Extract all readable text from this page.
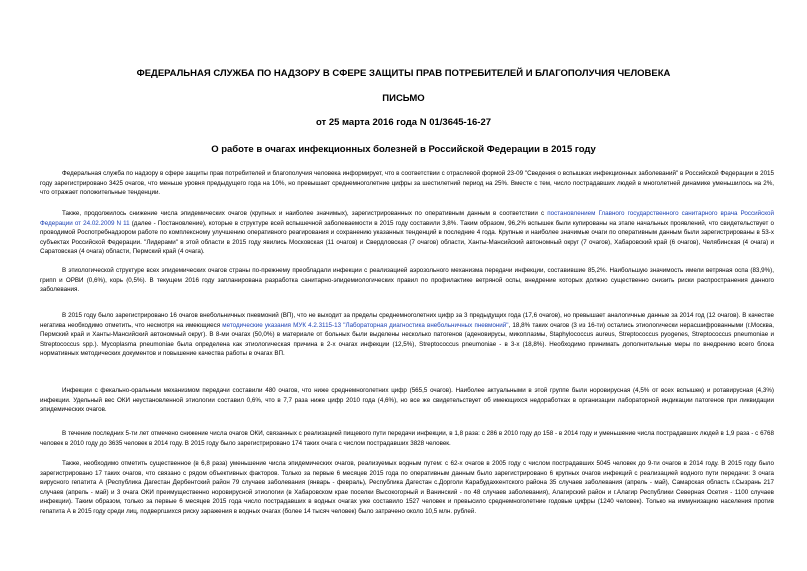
ФЕДЕРАЛЬНАЯ СЛУЖБА ПО НАДЗОРУ В СФЕРЕ ЗАЩИТЫ ПРАВ ПОТРЕБИТЕЛЕЙ И БЛАГОПОЛУЧИЯ ЧЕЛОВЕКА
ПИСЬМО
от 25 марта 2016 года N 01/3645-16-27
О работе в очагах инфекционных болезней в Российской Федерации в 2015 году

Федеральная служба по надзору в сфере защиты прав потребителей и благополучия человека информирует, что в соответствии с отраслевой формой 23-09 "Сведения о вспышках инфекционных заболеваний" в Российской Федерации в 2015 году зарегистрировано 3425 очагов, что меньше уровня предыдущего года на 10%, но превышает среднемноголетние цифры за шестилетний период на 25%. Вместе с тем, число пострадавших людей в многолетней динамике уменьшилось на 2%, что отражает положительные тенденции.

Также, продолжилось снижение числа эпидемических очагов (крупных и наиболее значимых), зарегистрированных по оперативным данным в соответствии с постановлением Главного государственного санитарного врача Российской Федерации от 24.02.2009 N 11 (далее - Постановление), которые в структуре всей вспышечной заболеваемости в 2015 году составили 3,8%. Таким образом, 96,2% вспышек были купированы на этапе начальных проявлений, что свидетельствует о проводимой Роспотребнадзором работе по комплексному улучшению оперативного реагирования и сохранению указанных тенденций в последние 4 года. Крупные и наиболее значимые очаги по оперативным данным были зарегистрированы в 53-х субъектах Российской Федерации. "Лидерами" в этой области в 2015 году явились Московская (11 очагов) и Свердловская (7 очагов) области, Ханты-Мансийский автономный округ (7 очагов), Хабаровский край (6 очагов), Челябинская (4 очага) и Саратовская (4 очага) области, Пермский край (4 очага).

В этиологической структуре всех эпидемических очагов страны по-прежнему преобладали инфекции с реализацией аэрозольного механизма передачи инфекции, составившие 85,2%. Наибольшую значимость имели ветряная оспа (83,9%), грипп и ОРВИ (0,6%), корь (0,5%). В текущем 2016 году запланирована разработка санитарно-эпидемиологических правил по профилактике ветряной оспы, внедрение которых должно существенно снизить риски распространения данного заболевания.

В 2015 году было зарегистрировано 16 очагов внебольничных пневмоний (ВП), что не выходит за пределы среднемноголетних цифр за 3 предыдущих года (17,6 очагов), но превышает аналогичные данные за 2014 год (12 очагов). В качестве негатива необходимо отметить, что несмотря на имеющиеся методические указания МУК 4.2.3115-13 "Лабораторная диагностика внебольничных пневмоний", 18,8% таких очагов (3 из 16-ти) остались этиологически нерасшифрованными (г.Москва, Пермский край и Ханты-Мансийский автономный округ). В 8-ми очагах (50,0%) в материале от больных были выделены несколько патогенов (аденовирусы, микоплазмы, Staphylococcus aureus, Streptococcus pyogenes, Streptococcus pneumoniae и Streptococcus spp.). Mycoplasma pneumoniae была определена как этиологическая причина в 2-х очагах инфекции (12,5%), Streptococcus pneumoniae - в 3-х (18,8%). Необходимо принимать дополнительные меры по внедрению всего блока нормативных методических документов и повышение качества работы в очагах ВП.

Инфекции с фекально-оральным механизмом передачи составили 480 очагов, что ниже среднемноголетних цифр (565,5 очагов). Наиболее актуальными в этой группе были норовирусная (4,5% от всех вспышек) и ротавирусная (4,3%) инфекции. Удельный вес ОКИ неустановленной этиологии составил 0,6%, что в 7,7 раза ниже цифр 2010 года (4,6%), но все же свидетельствует об имеющихся недоработках в организации лабораторной индикации патогенов при ликвидации эпидемических очагов.

В течение последних 5-ти лет отмечено снижение числа очагов ОКИ, связанных с реализацией пищевого пути передачи инфекции, в 1,8 раза: с 286 в 2010 году до 158 - в 2014 году и уменьшение числа пострадавших людей в 1,9 раза - с 6768 человек в 2010 году до 3635 человек в 2014 году. В 2015 году было зарегистрировано 174 таких очага с числом пострадавших 3828 человек.

Также, необходимо отметить существенное (в 6,8 раза) уменьшение числа эпидемических очагов, реализуемых водным путем: с 62-х очагов в 2005 году с числом пострадавших 5045 человек до 9-ти очагов в 2014 году. В 2015 году было зарегистрировано 17 таких очагов, что связано с рядом объективных факторов. Только за первые 6 месяцев 2015 года по оперативным данным было зарегистрировано 6 крупных очагов инфекций с реализацией водного пути передачи: 3 очага вирусного гепатита А (Республика Дагестан Дербентский район 79 случаев заболевания (январь - февраль), Республика Дагестан с.Дорголи Карабудахкентского района 35 случаев заболевания (апрель - май), Самарская область г.Сызрань 217 случаев (апрель - май) и 3 очага ОКИ преимущественно норовирусной этиологии (в Хабаровском крае поселки Высокогорный и Ванинский - по 48 случаев заболевания), Алагирский район и г.Алагир Республики Северная Осетия - 1100 случаев инфекции). Таким образом, только за первые 6 месяцев 2015 года число пострадавших в водных очагах уже составило 1527 человек и превысило среднемноголетние годовые цифры (1240 человек). Только на иммунизацию населения против гепатита А в 2015 году среди лиц, подвергшихся риску заражения в водных очагах (более 14 тысяч человек) было затрачено около 10,5 млн. рублей.
